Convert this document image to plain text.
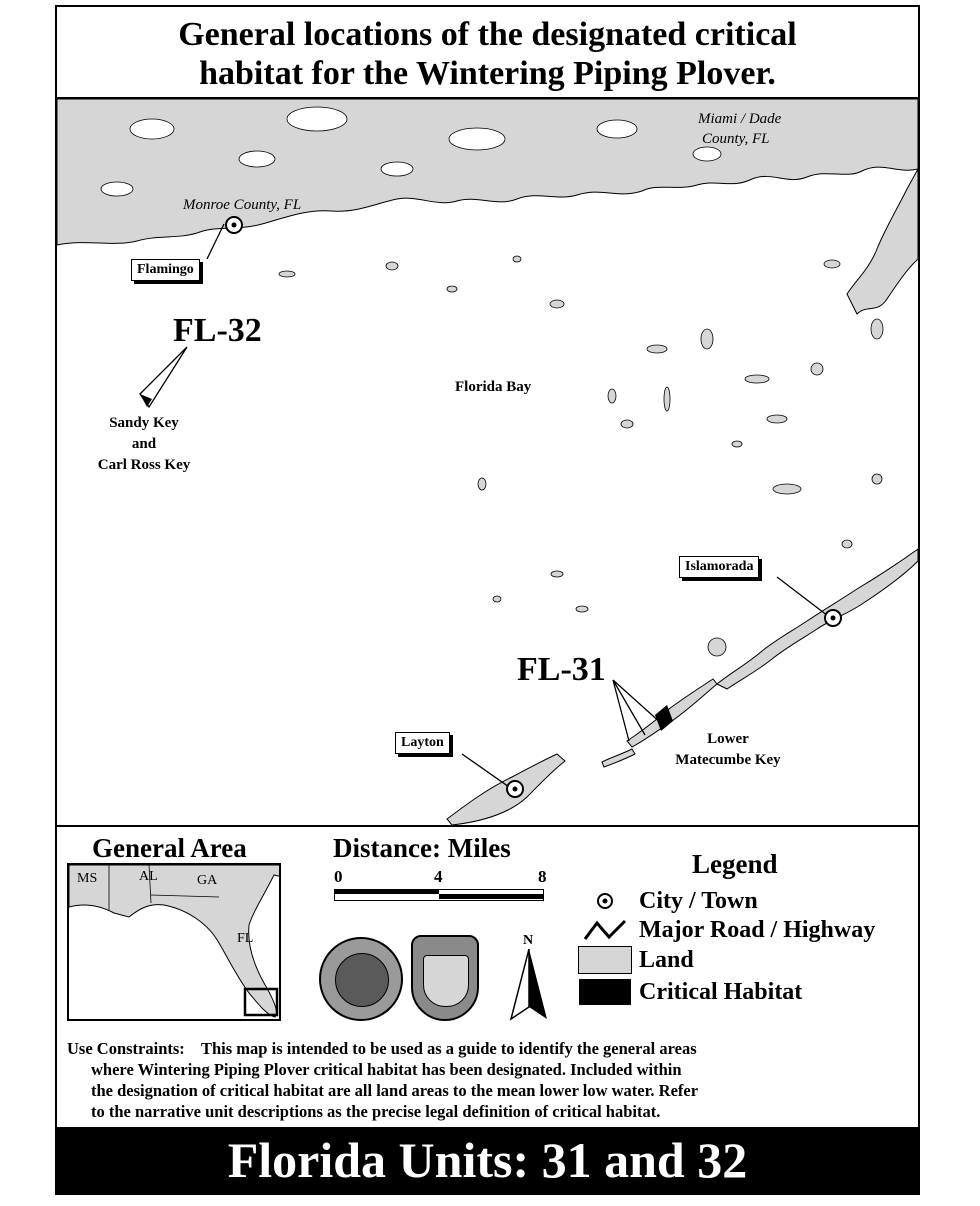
General locations of the designated critical
habitat for the Wintering Piping Plover.
Miami / Dade
County, FL
Monroe County, FL
Flamingo
FL-32
Sandy Key
and
Carl Ross Key
Florida Bay
Islamorada
FL-31
Lower
Matecumbe Key
Layton
General Area
MS	AL	GA
FL
Distance: Miles
0	4	8
N
Legend
City / Town
Major Road / Highway
Land
Critical Habitat
Use Constraints: This map is intended to be used as a guide to identify the general areas
where Wintering Piping Plover critical habitat has been designated. Included within
the designation of critical habitat are all land areas to the mean lower low water. Refer
to the narrative unit descriptions as the precise legal definition of critical habitat.
Florida Units: 31 and 32
